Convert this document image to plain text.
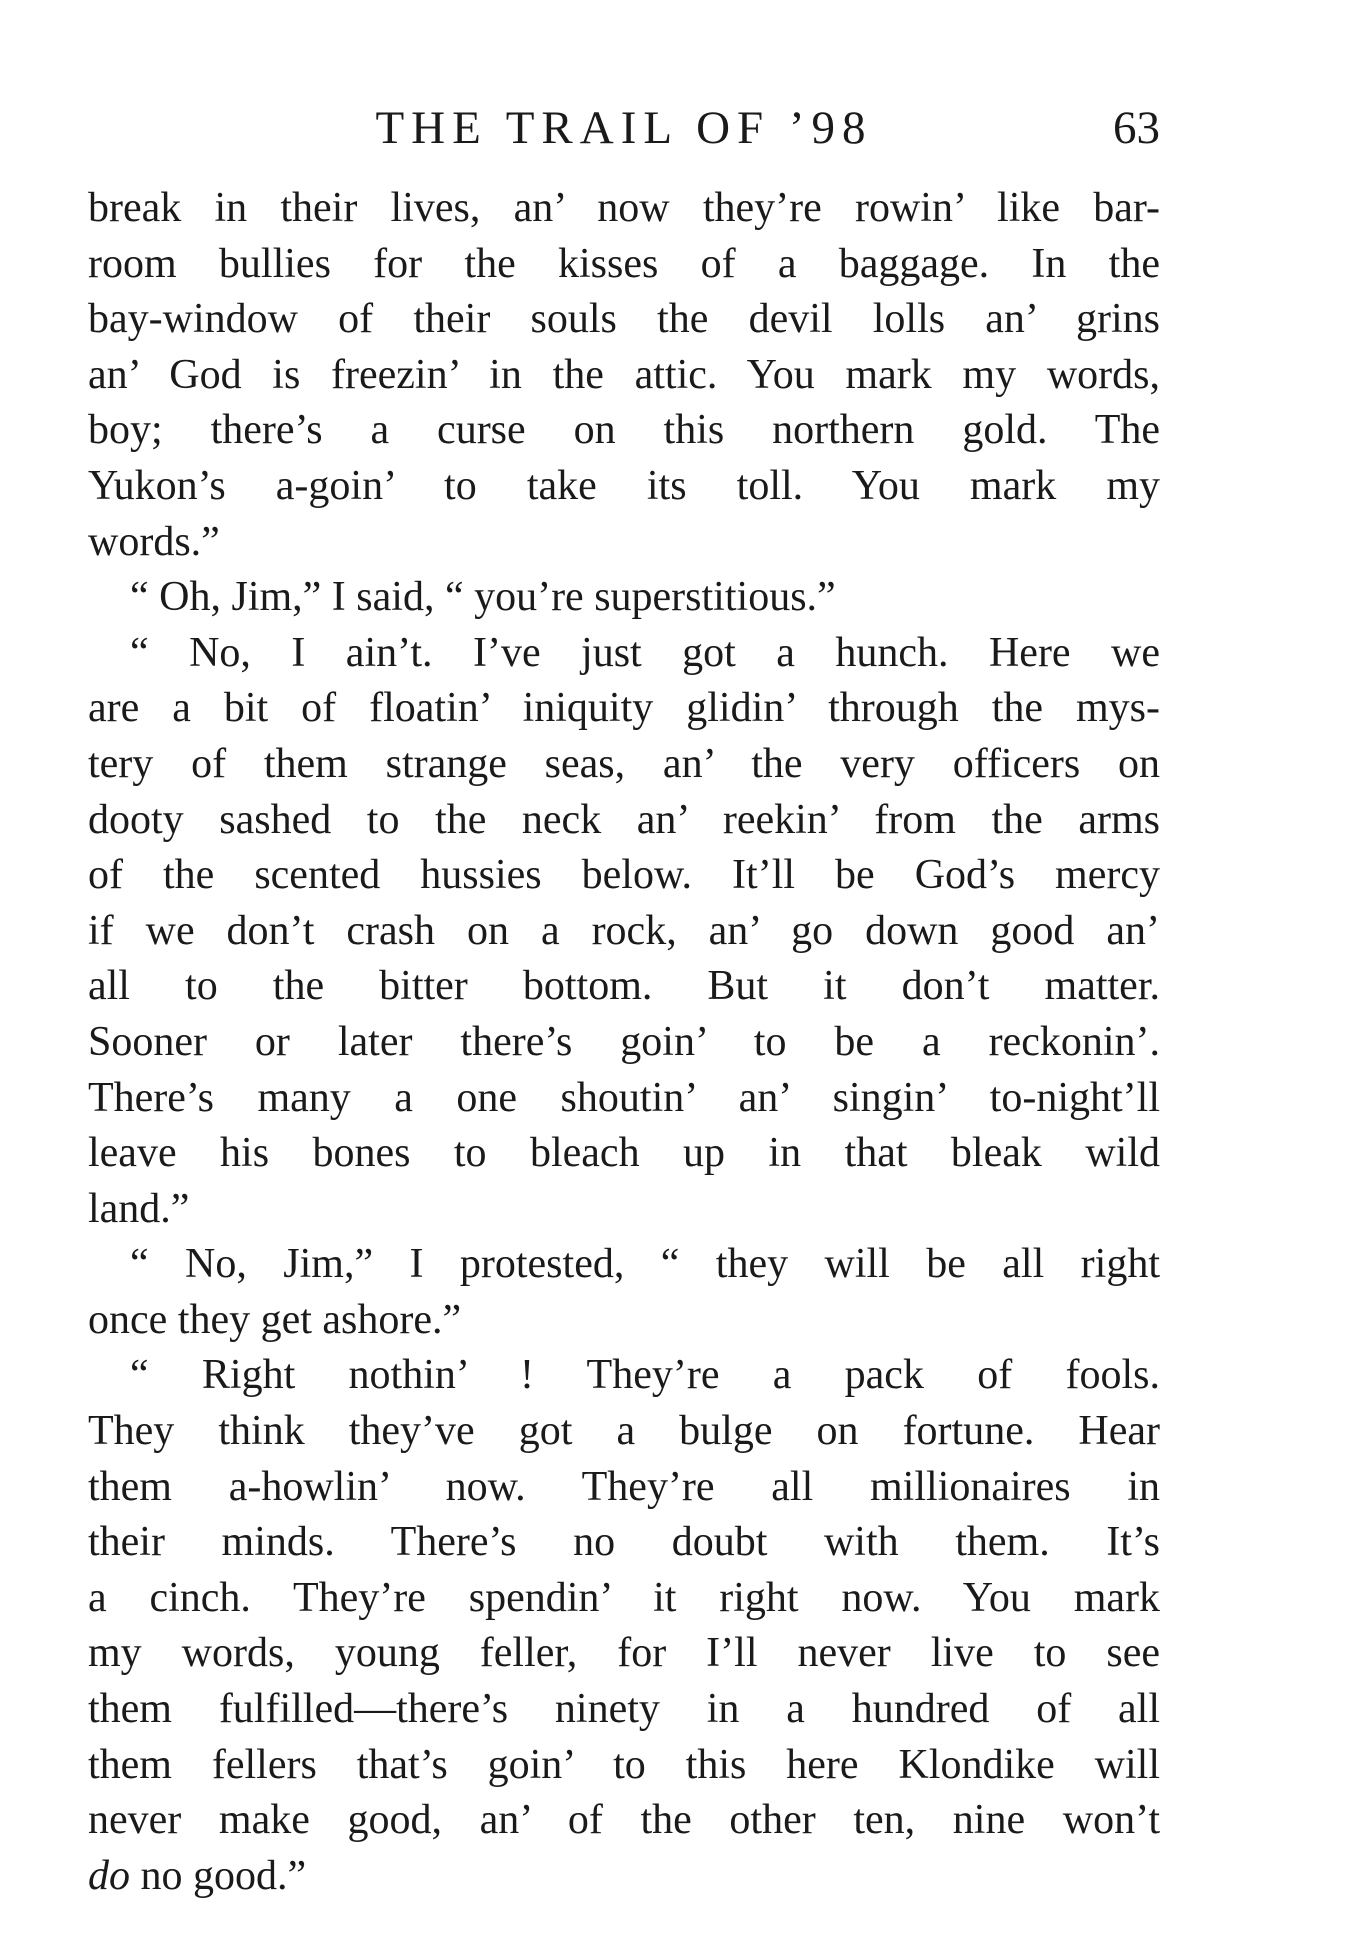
THE TRAIL OF ’98	63
break in their lives, an’ now they’re rowin’ like bar-
room bullies for the kisses of a baggage. In the
bay-window of their souls the devil lolls an’ grins
an’ God is freezin’ in the attic. You mark my words,
boy; there’s a curse on this northern gold. The
Yukon’s a-goin’ to take its toll. You mark my
words.”
“ Oh, Jim,” I said, “ you’re superstitious.”
“ No, I ain’t. I’ve just got a hunch. Here we
are a bit of floatin’ iniquity glidin’ through the mys-
tery of them strange seas, an’ the very officers on
dooty sashed to the neck an’ reekin’ from the arms
of the scented hussies below. It’ll be God’s mercy
if we don’t crash on a rock, an’ go down good an’
all to the bitter bottom. But it don’t matter.
Sooner or later there’s goin’ to be a reckonin’.
There’s many a one shoutin’ an’ singin’ to-night’ll
leave his bones to bleach up in that bleak wild
land.”
“ No, Jim,” I protested, “ they will be all right
once they get ashore.”
“ Right nothin’ ! They’re a pack of fools.
They think they’ve got a bulge on fortune. Hear
them a-howlin’ now. They’re all millionaires in
their minds. There’s no doubt with them. It’s
a cinch. They’re spendin’ it right now. You mark
my words, young feller, for I’ll never live to see
them fulfilled—there’s ninety in a hundred of all
them fellers that’s goin’ to this here Klondike will
never make good, an’ of the other ten, nine won’t
do no good.”
